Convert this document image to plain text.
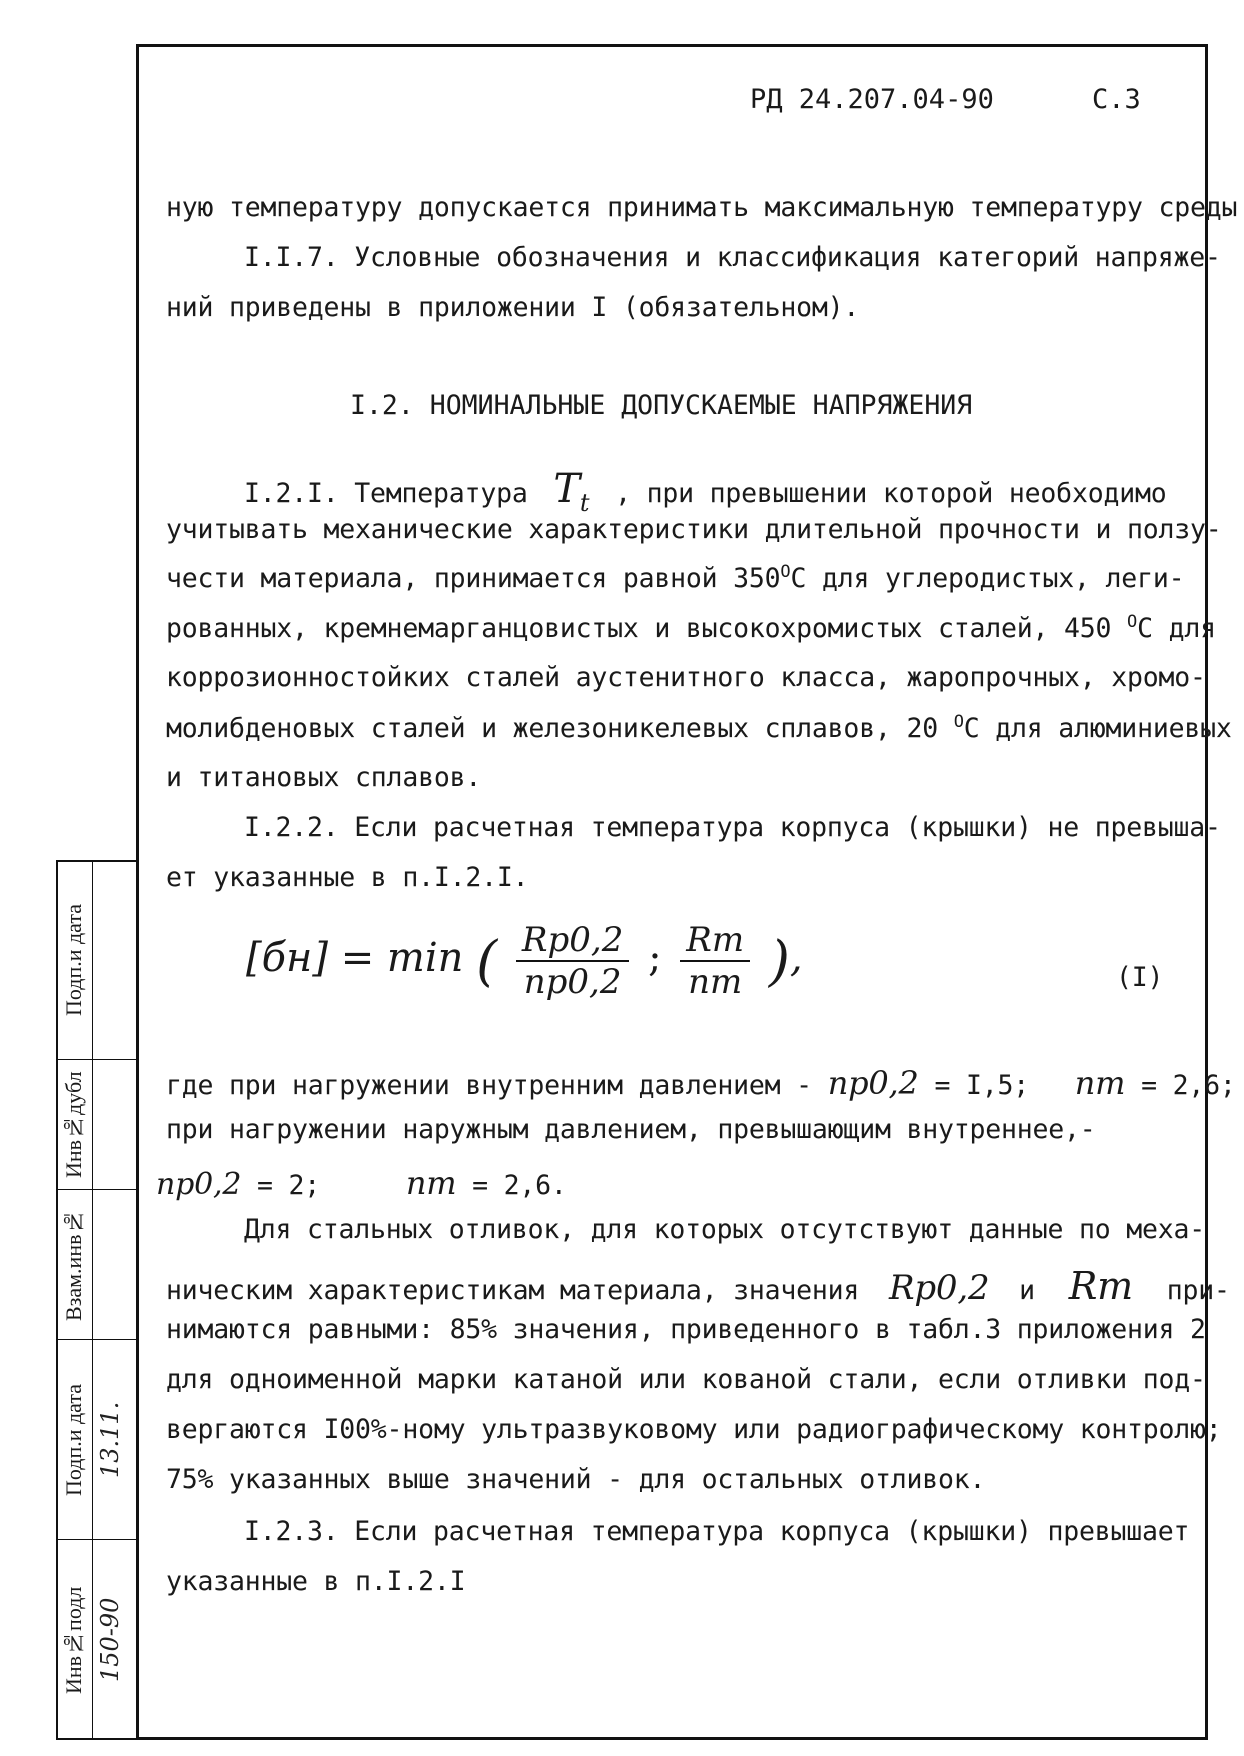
Подп.и дата
Инв№дубл
Взам.инв№
Подп.и дата 13.11.
Инв№подл 150-90
РД 24.207.04-90	С.3
ную температуру допускается принимать максимальную температуру среды
I.I.7. Условные обозначения и классификация категорий напряже-
ний приведены в приложении I (обязательном).
I.2. НОМИНАЛЬНЫЕ ДОПУСКАЕМЫЕ НАПРЯЖЕНИЯ
I.2.I. Температура $T_t$ , при превышении которой необходимо
учитывать механические характеристики длительной прочности и ползу-
чести материала, принимается равной $350^OС$ для углеродистых, леги-
рованных, кремнемарганцовистых и высокохромистых сталей, 450 $^O$С для
коррозионностойких сталей аустенитного класса, жаропрочных, хромо-
молибденовых сталей и железоникелевых сплавов, 20 $^O$С для алюминиевых
и титановых сплавов.
I.2.2. Если расчетная температура корпуса (крышки) не превыша-
ет указанные в п.I.2.I.
[бн] = min ( $\frac{Rp0,2}{np0,2}$ ; $\frac{Rm}{nm}$ ),	(I)
где при нагружении внутренним давлением - np0,2 = I,5; nm = 2,6;
при нагружении наружным давлением, превышающим внутреннее,-
np0,2 = 2;	nm = 2,6.
Для стальных отливок, для которых отсутствуют данные по меха-
ническим характеристикам материала, значения Rp0,2 и Rm при-
нимаются равными: 85% значения, приведенного в табл.3 приложения 2
для одноименной марки катаной или кованой стали, если отливки под-
вергаются I00%-ному ультразвуковому или радиографическому контролю;
75% указанных выше значений - для остальных отливок.
I.2.3. Если расчетная температура корпуса (крышки) превышает
указанные в п.I.2.I
